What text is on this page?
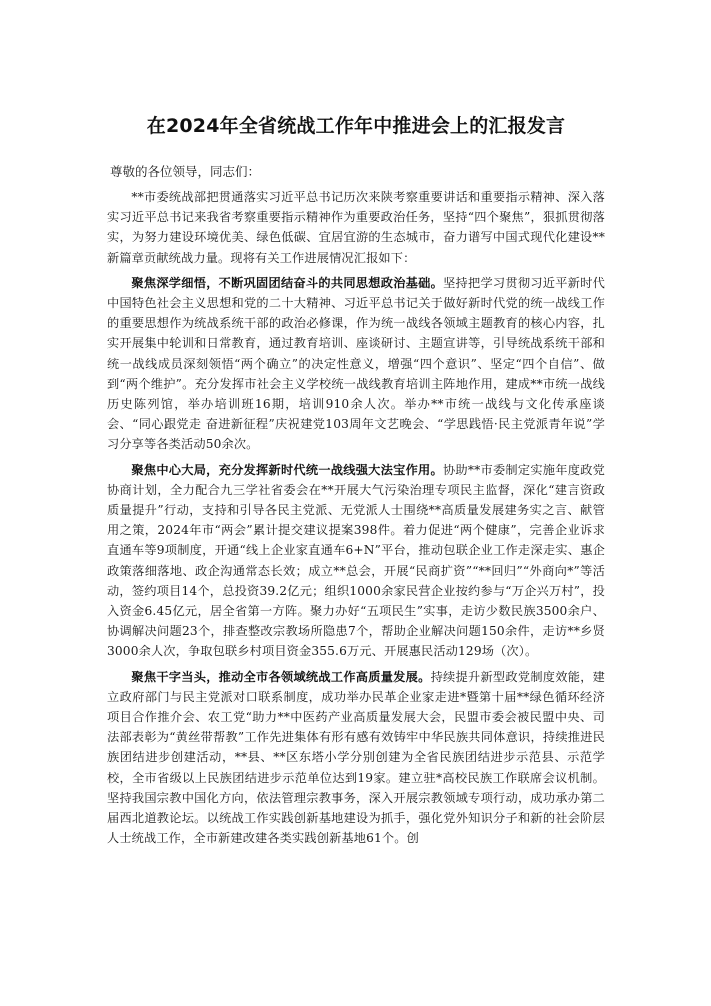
在2024年全省统战工作年中推进会上的汇报发言

尊敬的各位领导，同志们：

**市委统战部把贯通落实习近平总书记历次来陕考察重要讲话和重要指示精神、深入落实习近平总书记来我省考察重要指示精神作为重要政治任务，坚持“四个聚焦”，狠抓贯彻落实，为努力建设环境优美、绿色低碳、宜居宜游的生态城市，奋力谱写中国式现代化建设**新篇章贡献统战力量。现将有关工作进展情况汇报如下：

聚焦深学细悟，不断巩固团结奋斗的共同思想政治基础。坚持把学习贯彻习近平新时代中国特色社会主义思想和党的二十大精神、习近平总书记关于做好新时代党的统一战线工作的重要思想作为统战系统干部的政治必修课，作为统一战线各领域主题教育的核心内容，扎实开展集中轮训和日常教育，通过教育培训、座谈研讨、主题宣讲等，引导统战系统干部和统一战线成员深刻领悟“两个确立”的决定性意义，增强“四个意识”、坚定“四个自信”、做到“两个维护”。充分发挥市社会主义学校统一战线教育培训主阵地作用，建成**市统一战线历史陈列馆，举办培训班16期，培训910余人次。举办**市统一战线与文化传承座谈会、“同心跟党走 奋进新征程”庆祝建党103周年文艺晚会、“学思践悟·民主党派青年说”学习分享等各类活动50余次。

聚焦中心大局，充分发挥新时代统一战线强大法宝作用。协助**市委制定实施年度政党协商计划，全力配合九三学社省委会在**开展大气污染治理专项民主监督，深化“建言资政质量提升”行动，支持和引导各民主党派、无党派人士围绕**高质量发展建务实之言、献管用之策，2024年市“两会”累计提交建议提案398件。着力促进“两个健康”，完善企业诉求直通车等9项制度，开通“线上企业家直通车6+N”平台，推动包联企业工作走深走实、惠企政策落细落地、政企沟通常态长效；成立**总会，开展“民商扩资”“**回归”“外商向*”等活动，签约项目14个，总投资39.2亿元；组织1000余家民营企业按约参与“万企兴万村”，投入资金6.45亿元，居全省第一方阵。聚力办好“五项民生”实事，走访少数民族3500余户、协调解决问题23个，排查整改宗教场所隐患7个，帮助企业解决问题150余件，走访**乡贤3000余人次，争取包联乡村项目资金355.6万元、开展惠民活动129场（次）。

聚焦干字当头，推动全市各领域统战工作高质量发展。持续提升新型政党制度效能，建立政府部门与民主党派对口联系制度，成功举办民革企业家走进*暨第十届**绿色循环经济项目合作推介会、农工党“助力**中医药产业高质量发展大会，民盟市委会被民盟中央、司法部表彰为“黄丝带帮教”工作先进集体有形有感有效铸牢中华民族共同体意识，持续推进民族团结进步创建活动，**县、**区东塔小学分别创建为全省民族团结进步示范县、示范学校，全市省级以上民族团结进步示范单位达到19家。建立驻*高校民族工作联席会议机制。坚持我国宗教中国化方向，依法管理宗教事务，深入开展宗教领域专项行动，成功承办第二届西北道教论坛。以统战工作实践创新基地建设为抓手，强化党外知识分子和新的社会阶层人士统战工作，全市新建改建各类实践创新基地61个。创
